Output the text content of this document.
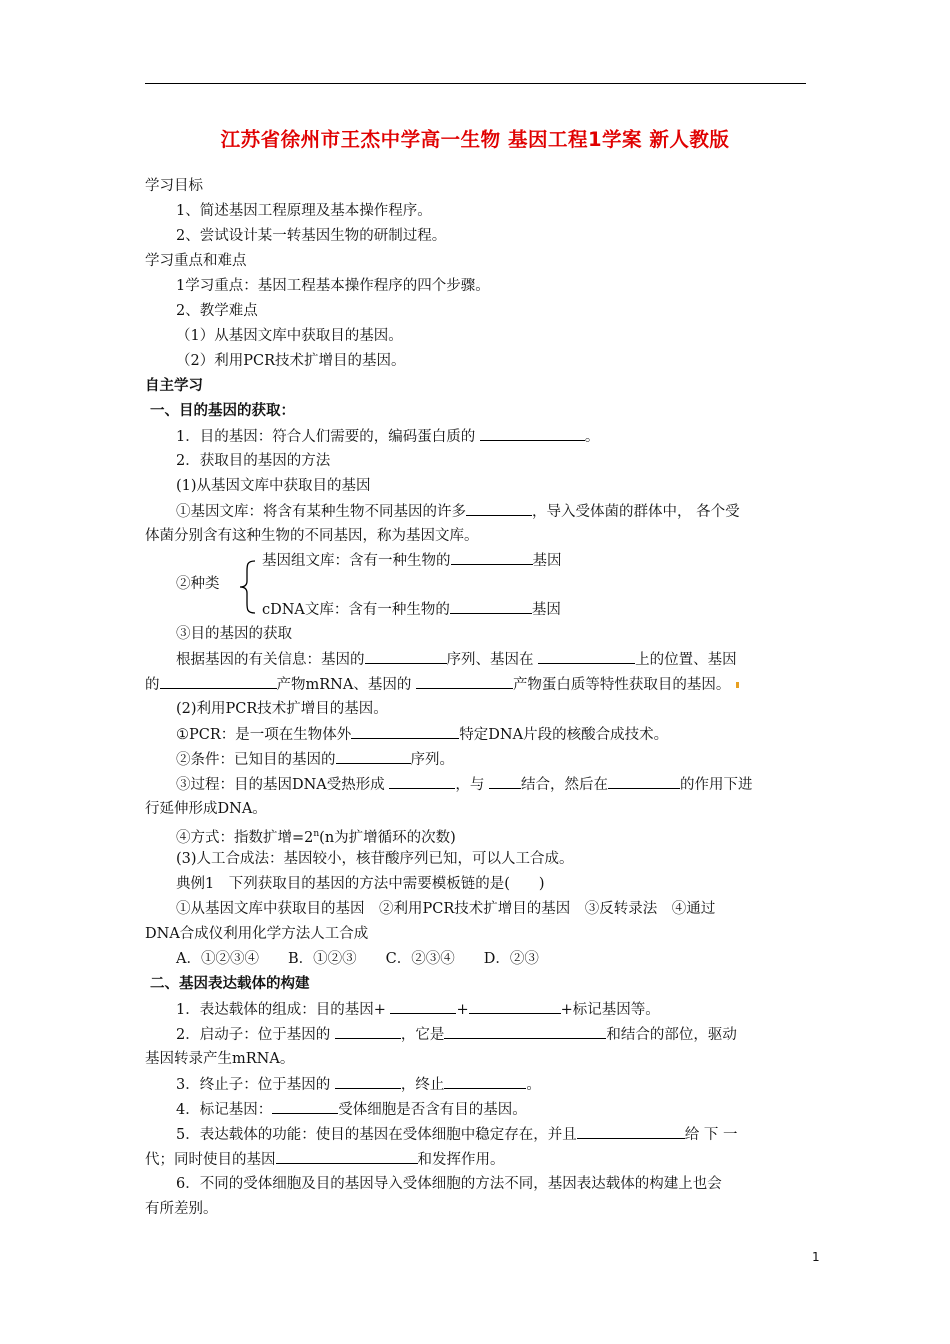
江苏省徐州市王杰中学高一生物 基因工程1学案 新人教版
学习目标
1、简述基因工程原理及基本操作程序。
2、尝试设计某一转基因生物的研制过程。
学习重点和难点
1学习重点：基因工程基本操作程序的四个步骤。
2、教学难点
（1）从基因文库中获取目的基因。
（2）利用PCR技术扩增目的基因。
自主学习
一、目的基因的获取：
1．目的基因：符合人们需要的，编码蛋白质的	。
2．获取目的基因的方法
(1)从基因文库中获取目的基因
①基因文库：将含有某种生物不同基因的许多	，导入受体菌的群体中， 各个受
体菌分别含有这种生物的不同基因，称为基因文库。
②种类
基因组文库：含有一种生物的	基因
cDNA文库：含有一种生物的	基因
③目的基因的获取
根据基因的有关信息：基因的	序列、基因在	上的位置、基因
的	产物mRNA、基因的	产物蛋白质等特性获取目的基因。
(2)利用PCR技术扩增目的基因。
①PCR：是一项在生物体外	特定DNA片段的核酸合成技术。
②条件：已知目的基因的	序列。
③过程：目的基因DNA受热形成	，与	结合，然后在	的作用下进
行延伸形成DNA。
④方式：指数扩增$=2^n(n$为扩增循环的次数)
(3)人工合成法：基因较小，核苷酸序列已知，可以人工合成。
典例1　下列获取目的基因的方法中需要模板链的是(　　)
①从基因文库中获取目的基因　②利用PCR技术扩增目的基因　③反转录法　④通过
DNA合成仪利用化学方法人工合成
A．①②③④　　B．①②③　　C．②③④　　D．②③
二、基因表达载体的构建
1．表达载体的组成：目的基因+	+	+标记基因等。
2．启动子：位于基因的	，它是	和结合的部位，驱动
基因转录产生mRNA。
3．终止子：位于基因的	，终止	。
4．标记基因：	受体细胞是否含有目的基因。
5．表达载体的功能：使目的基因在受体细胞中稳定存在，并且	给 下 一
代；同时使目的基因	和发挥作用。
6．不同的受体细胞及目的基因导入受体细胞的方法不同，基因表达载体的构建上也会
有所差别。
1
